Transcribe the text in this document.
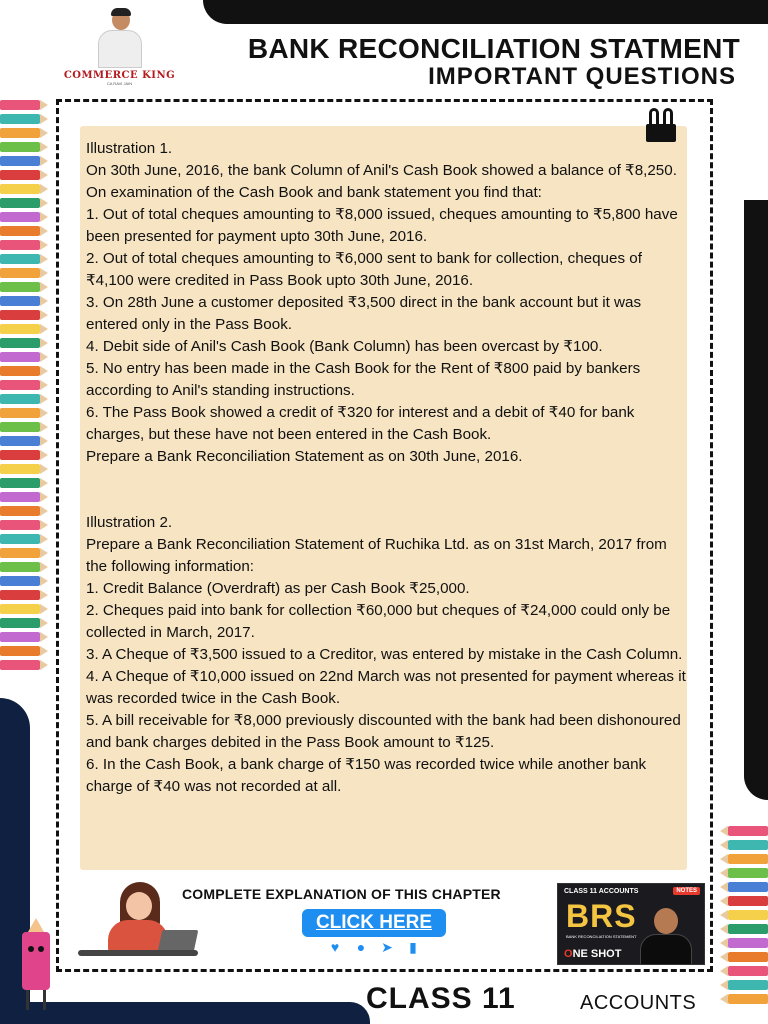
COMMERCE KING
CA RAVI JAIN
BANK RECONCILIATION STATMENT
IMPORTANT QUESTIONS

Illustration 1.

On 30th June, 2016, the bank Column of Anil's Cash Book showed a balance of ₹8,250. On examination of the Cash Book and bank statement you find that:

1. Out of total cheques amounting to ₹8,000 issued, cheques amounting to ₹5,800 have been presented for payment upto 30th June, 2016.

2. Out of total cheques amounting to ₹6,000 sent to bank for collection, cheques of ₹4,100 were credited in Pass Book upto 30th June, 2016.

3. On 28th June a customer deposited ₹3,500 direct in the bank account but it was entered only in the Pass Book.

4. Debit side of Anil's Cash Book (Bank Column) has been overcast by ₹100.

5. No entry has been made in the Cash Book for the Rent of ₹800 paid by bankers according to Anil's standing instructions.

6. The Pass Book showed a credit of ₹320 for interest and a debit of ₹40 for bank charges, but these have not been entered in the Cash Book.

Prepare a Bank Reconciliation Statement as on 30th June, 2016.

Illustration 2.

Prepare a Bank Reconciliation Statement of Ruchika Ltd. as on 31st March, 2017 from the following information:

1. Credit Balance (Overdraft) as per Cash Book ₹25,000.

2. Cheques paid into bank for collection ₹60,000 but cheques of ₹24,000 could only be collected in March, 2017.

3. A Cheque of ₹3,500 issued to a Creditor, was entered by mistake in the Cash Column.

4. A Cheque of ₹10,000 issued on 22nd March was not presented for payment whereas it was recorded twice in the Cash Book.

5. A bill receivable for ₹8,000 previously discounted with the bank had been dishonoured and bank charges debited in the Pass Book amount to ₹125.

6. In the Cash Book, a bank charge of ₹150 was recorded twice while another bank charge of ₹40 was not recorded at all.

COMPLETE EXPLANATION OF THIS CHAPTER
CLICK HERE
♥ ● ➤ ▮
CLASS 11 ACCOUNTS	NOTES
BRS
BANK RECONCILIATION STATEMENT
ONE SHOT
CLASS 11	ACCOUNTS
